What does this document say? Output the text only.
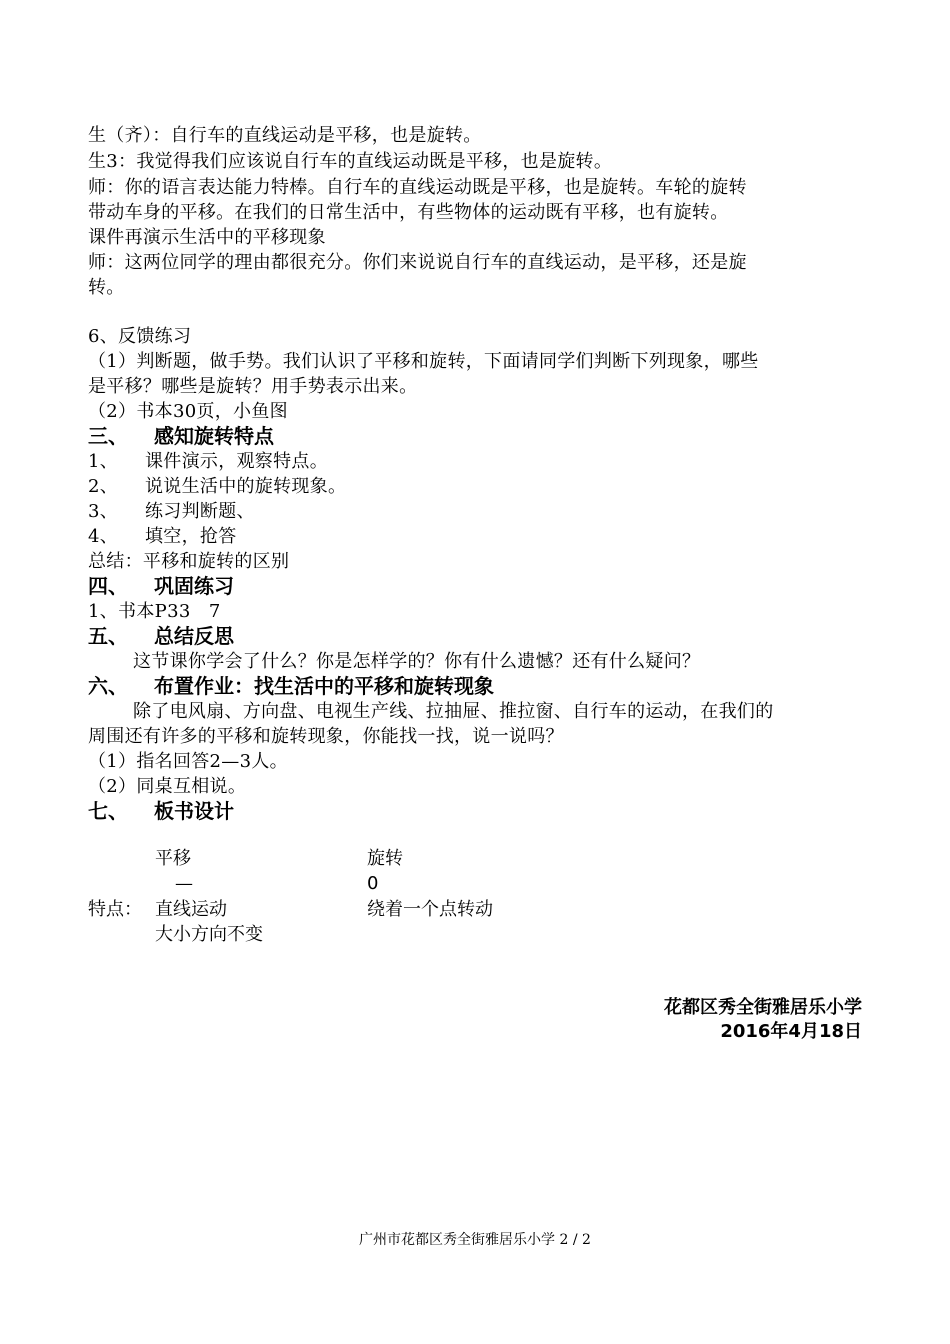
生（齐）：自行车的直线运动是平移，也是旋转。
生3：我觉得我们应该说自行车的直线运动既是平移，也是旋转。
师：你的语言表达能力特棒。自行车的直线运动既是平移，也是旋转。车轮的旋转
带动车身的平移。在我们的日常生活中，有些物体的运动既有平移，也有旋转。
课件再演示生活中的平移现象
师：这两位同学的理由都很充分。你们来说说自行车的直线运动，是平移，还是旋
转。
6、反馈练习
（1）判断题，做手势。我们认识了平移和旋转，下面请同学们判断下列现象，哪些
是平移？哪些是旋转？用手势表示出来。
（2）书本30页，小鱼图
三、 感知旋转特点
1、 课件演示，观察特点。
2、 说说生活中的旋转现象。
3、 练习判断题、
4、 填空，抢答
总结：平移和旋转的区别
四、 巩固练习
1、书本P33　7
五、 总结反思
这节课你学会了什么？你是怎样学的？你有什么遗憾？还有什么疑问？
六、 布置作业：找生活中的平移和旋转现象
除了电风扇、方向盘、电视生产线、拉抽屉、推拉窗、自行车的运动，在我们的
周围还有许多的平移和旋转现象，你能找一找，说一说吗？
（1）指名回答2—3人。
（2）同桌互相说。
七、 板书设计
平移	旋转
—	0
特点： 直线运动	绕着一个点转动
大小方向不变
花都区秀全街雅居乐小学
2016年4月18日
广州市花都区秀全街雅居乐小学 2 / 2
